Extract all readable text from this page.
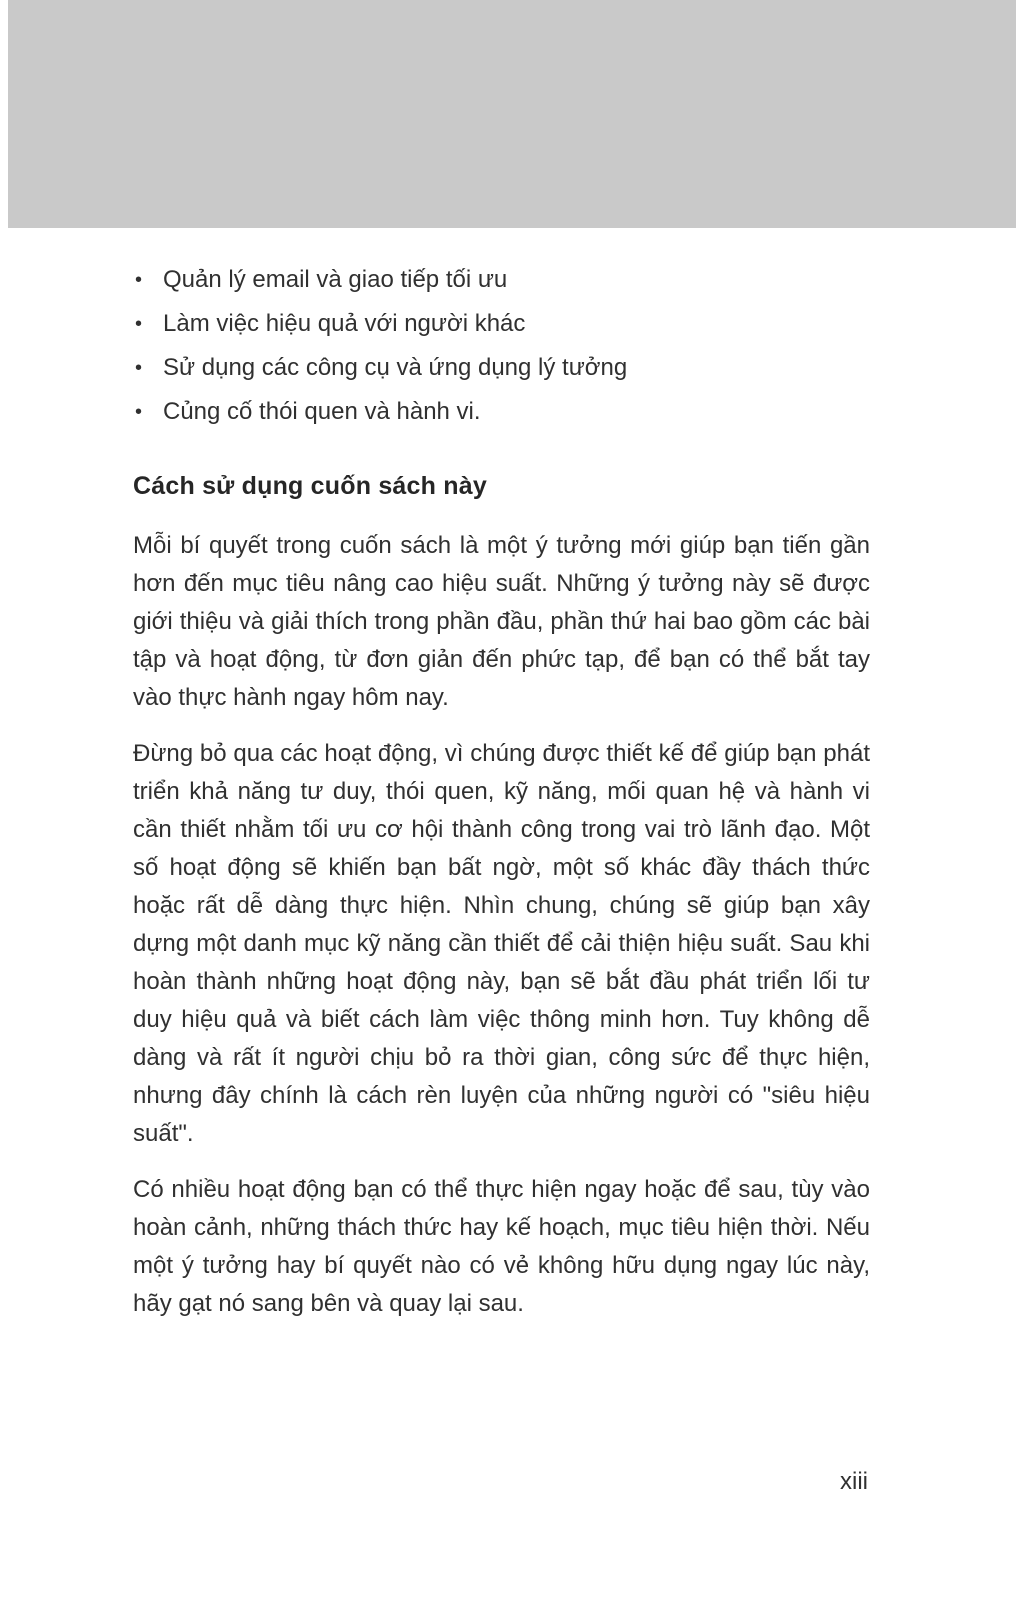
• Quản lý email và giao tiếp tối ưu
• Làm việc hiệu quả với người khác
• Sử dụng các công cụ và ứng dụng lý tưởng
• Củng cố thói quen và hành vi.
Cách sử dụng cuốn sách này

Mỗi bí quyết trong cuốn sách là một ý tưởng mới giúp bạn tiến gần hơn đến mục tiêu nâng cao hiệu suất. Những ý tưởng này sẽ được giới thiệu và giải thích trong phần đầu, phần thứ hai bao gồm các bài tập và hoạt động, từ đơn giản đến phức tạp, để bạn có thể bắt tay vào thực hành ngay hôm nay.

Đừng bỏ qua các hoạt động, vì chúng được thiết kế để giúp bạn phát triển khả năng tư duy, thói quen, kỹ năng, mối quan hệ và hành vi cần thiết nhằm tối ưu cơ hội thành công trong vai trò lãnh đạo. Một số hoạt động sẽ khiến bạn bất ngờ, một số khác đầy thách thức hoặc rất dễ dàng thực hiện. Nhìn chung, chúng sẽ giúp bạn xây dựng một danh mục kỹ năng cần thiết để cải thiện hiệu suất. Sau khi hoàn thành những hoạt động này, bạn sẽ bắt đầu phát triển lối tư duy hiệu quả và biết cách làm việc thông minh hơn. Tuy không dễ dàng và rất ít người chịu bỏ ra thời gian, công sức để thực hiện, nhưng đây chính là cách rèn luyện của những người có "siêu hiệu suất".

Có nhiều hoạt động bạn có thể thực hiện ngay hoặc để sau, tùy vào hoàn cảnh, những thách thức hay kế hoạch, mục tiêu hiện thời. Nếu một ý tưởng hay bí quyết nào có vẻ không hữu dụng ngay lúc này, hãy gạt nó sang bên và quay lại sau.

xiii
